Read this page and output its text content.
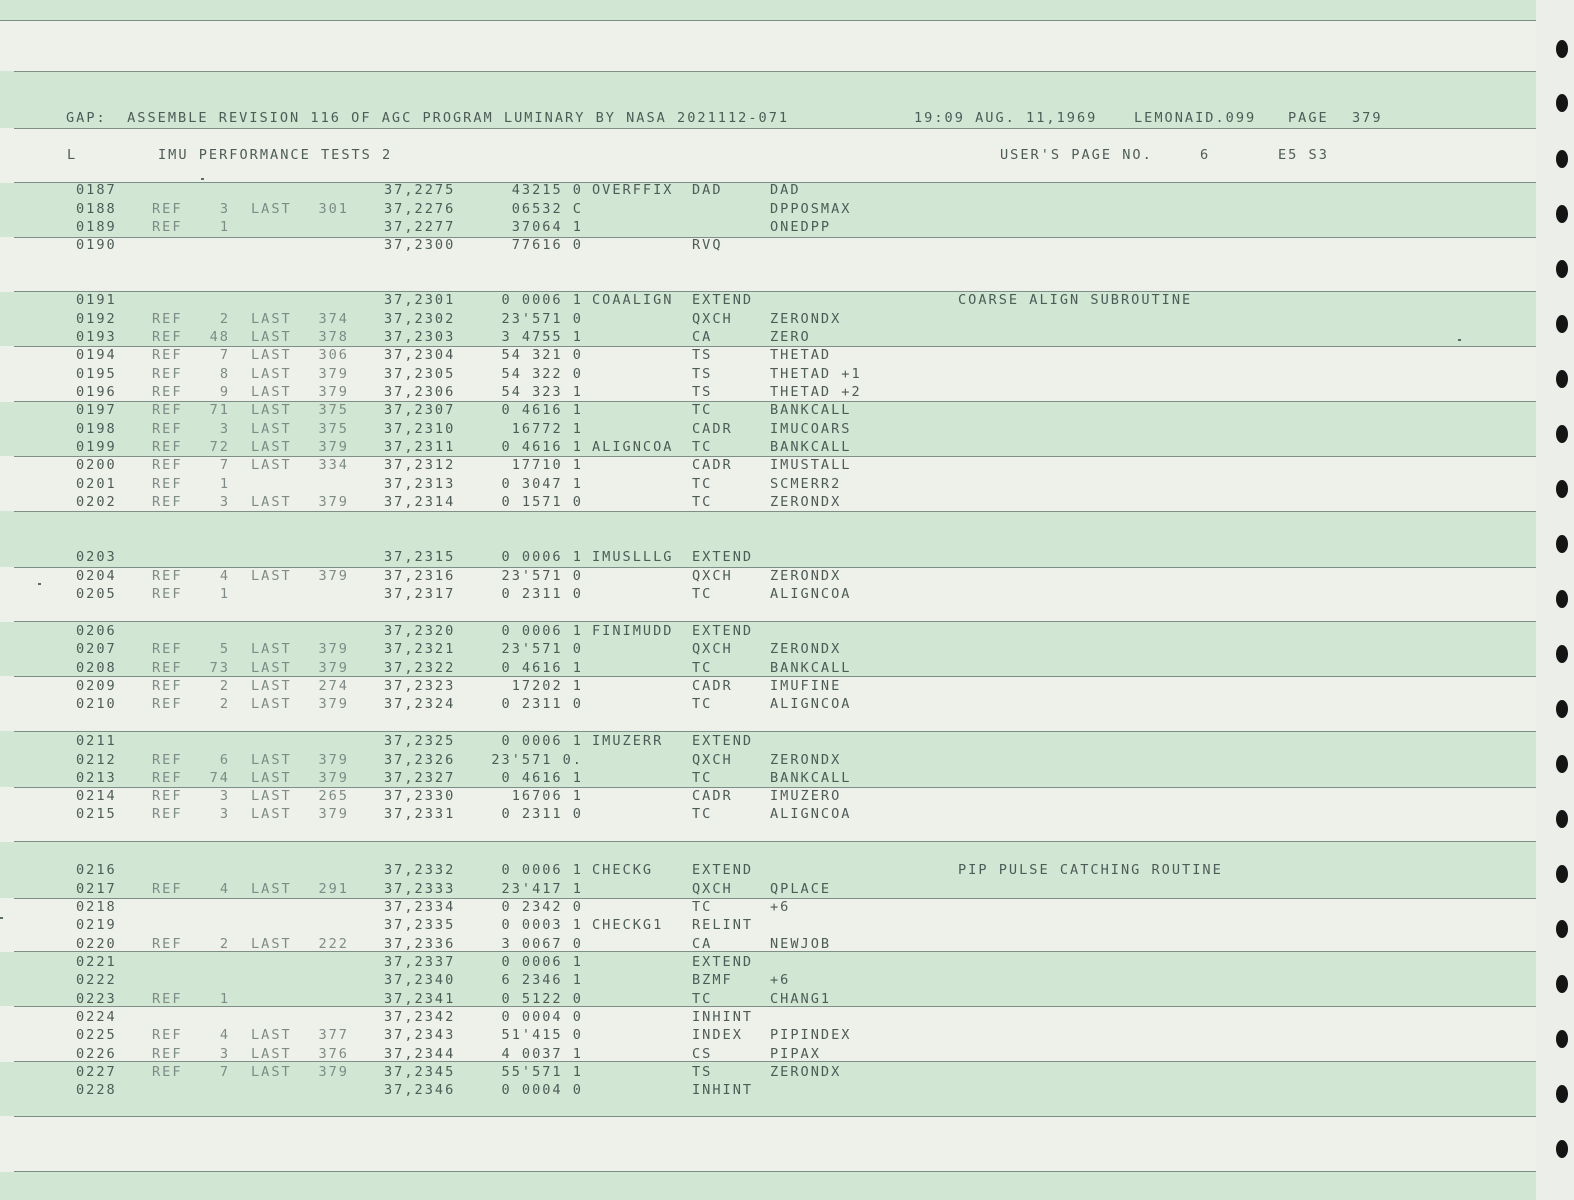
GAP:  ASSEMBLE REVISION 116 OF AGC PROGRAM LUMINARY BY NASA 2021112-071	19:09 AUG. 11,1969	LEMONAID.099 PAGE 379
L	IMU PERFORMANCE TESTS 2	USER'S PAGE NO.	6	E5 S3
0187	37,2275	43215 0 OVERFFIX	DAD	DAD
0188	REF	3 LAST	301	37,2276	06532 C	DPPOSMAX
0189	REF	1	37,2277	37064 1	ONEDPP
0190	37,2300	77616 0	RVQ
0191	37,2301	0 0006 1 COAALIGN	EXTEND	COARSE ALIGN SUBROUTINE
0192	REF	2 LAST	374	37,2302	23'571 0	QXCH	ZERONDX
0193	REF	48 LAST	378	37,2303	3 4755 1	CA	ZERO
0194	REF	7 LAST	306	37,2304	54 321 0	TS	THETAD
0195	REF	8 LAST	379	37,2305	54 322 0	TS	THETAD +1
0196	REF	9 LAST	379	37,2306	54 323 1	TS	THETAD +2
0197	REF	71 LAST	375	37,2307	0 4616 1	TC	BANKCALL
0198	REF	3 LAST	375	37,2310	16772 1	CADR	IMUCOARS
0199	REF	72 LAST	379	37,2311	0 4616 1 ALIGNCOA	TC	BANKCALL
0200	REF	7 LAST	334	37,2312	17710 1	CADR	IMUSTALL
0201	REF	1	37,2313	0 3047 1	TC	SCMERR2
0202	REF	3 LAST	379	37,2314	0 1571 0	TC	ZERONDX
0203	37,2315	0 0006 1 IMUSLLLG	EXTEND
0204	REF	4 LAST	379	37,2316	23'571 0	QXCH	ZERONDX
0205	REF	1	37,2317	0 2311 0	TC	ALIGNCOA
0206	37,2320	0 0006 1 FINIMUDD	EXTEND
0207	REF	5 LAST	379	37,2321	23'571 0	QXCH	ZERONDX
0208	REF	73 LAST	379	37,2322	0 4616 1	TC	BANKCALL
0209	REF	2 LAST	274	37,2323	17202 1	CADR	IMUFINE
0210	REF	2 LAST	379	37,2324	0 2311 0	TC	ALIGNCOA
0211	37,2325	0 0006 1 IMUZERR	EXTEND
0212	REF	6 LAST	379	37,2326	23'571 0.	QXCH	ZERONDX
0213	REF	74 LAST	379	37,2327	0 4616 1	TC	BANKCALL
0214	REF	3 LAST	265	37,2330	16706 1	CADR	IMUZERO
0215	REF	3 LAST	379	37,2331	0 2311 0	TC	ALIGNCOA
0216	37,2332	0 0006 1 CHECKG	EXTEND	PIP PULSE CATCHING ROUTINE
0217	REF	4 LAST	291	37,2333	23'417 1	QXCH	QPLACE
0218	37,2334	0 2342 0	TC	+6
0219	37,2335	0 0003 1 CHECKG1	RELINT
0220	REF	2 LAST	222	37,2336	3 0067 0	CA	NEWJOB
0221	37,2337	0 0006 1	EXTEND
0222	37,2340	6 2346 1	BZMF	+6
0223	REF	1	37,2341	0 5122 0	TC	CHANG1
0224	37,2342	0 0004 0	INHINT
0225	REF	4 LAST	377	37,2343	51'415 0	INDEX	PIPINDEX
0226	REF	3 LAST	376	37,2344	4 0037 1	CS	PIPAX
0227	REF	7 LAST	379	37,2345	55'571 1	TS	ZERONDX
0228	37,2346	0 0004 0	INHINT
